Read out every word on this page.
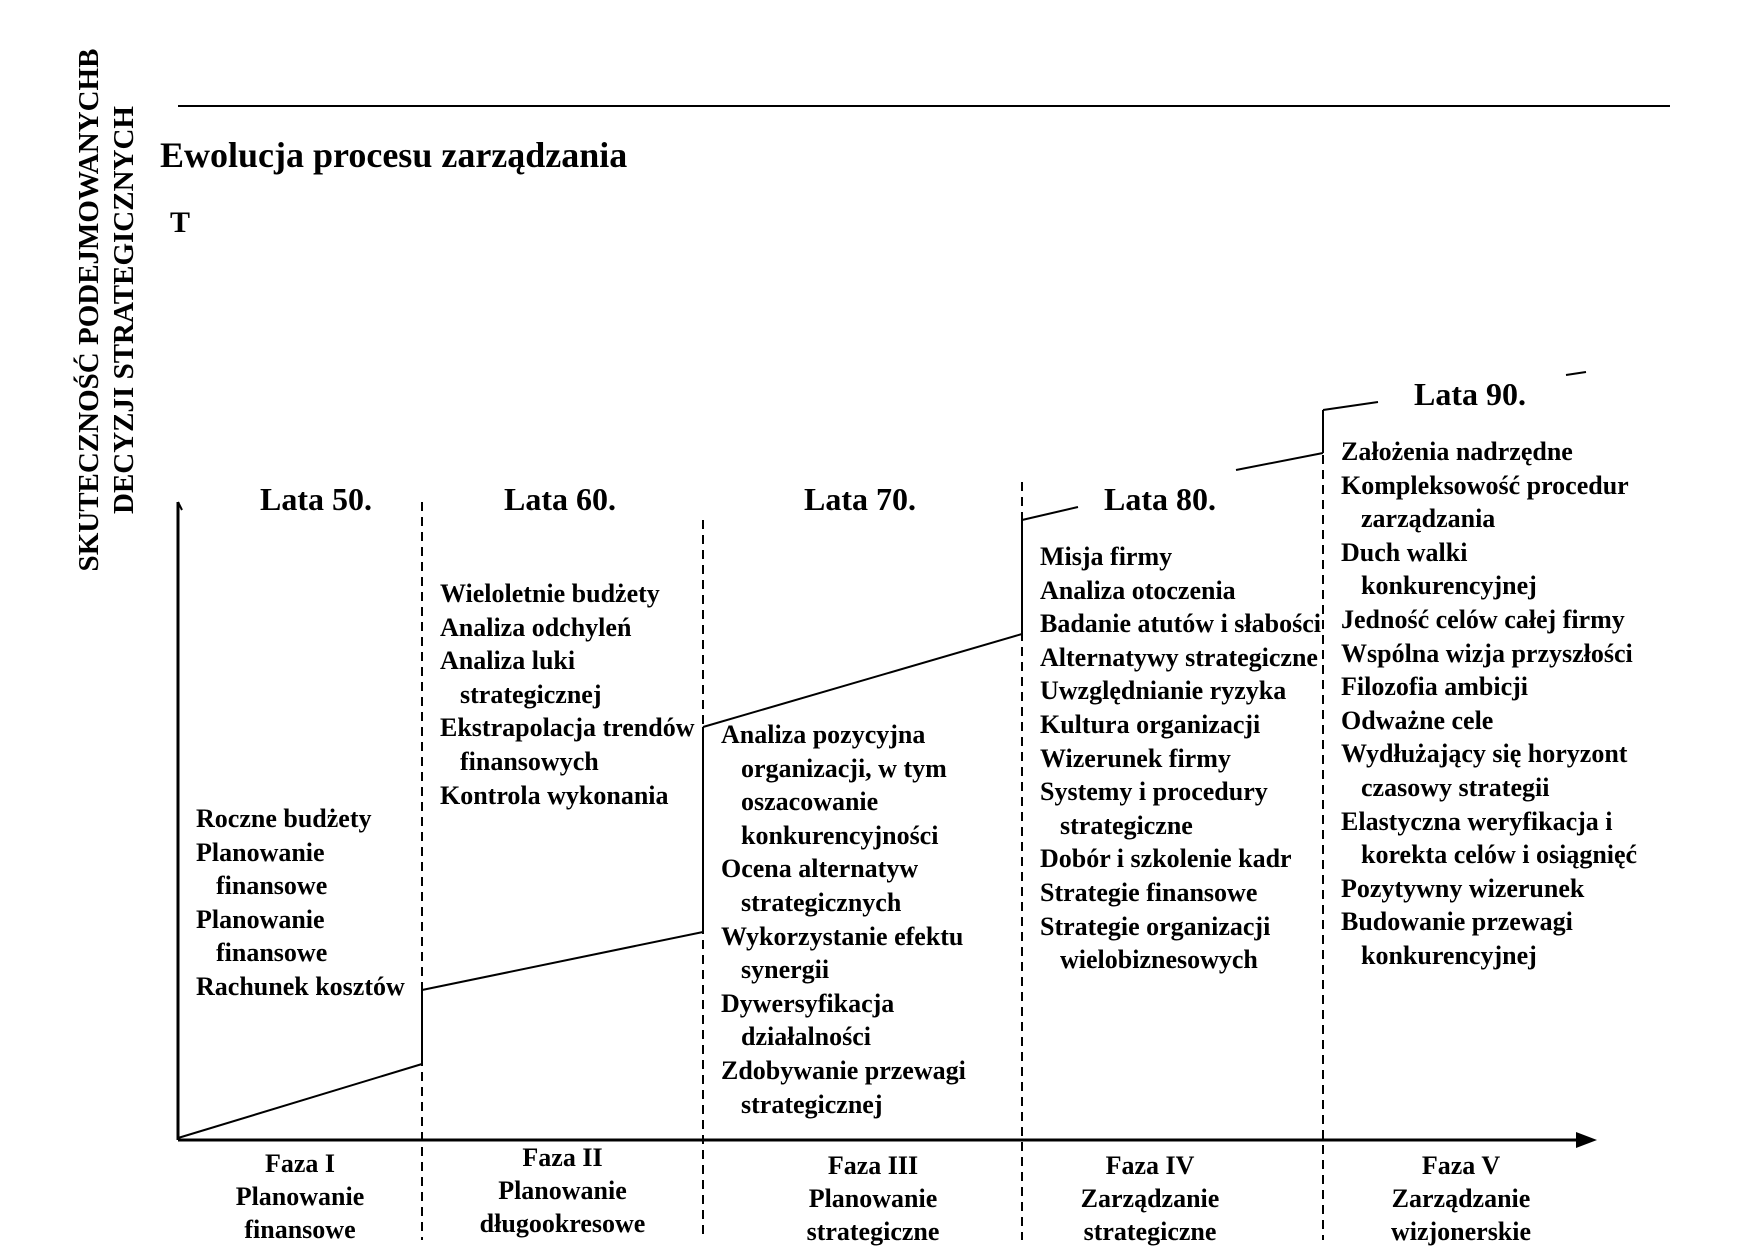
SKUTECZNOŚĆ PODEJMOWANYCHB DECYZJI STRATEGICZNYCH Ewolucja procesu zarządzania
T
Lata 50.	Lata 60.	Lata 70.	Lata 80.
Lata 90.
Roczne budżety
Planowanie finansowe
Planowanie finansowe
Rachunek kosztów
Wieloletnie budżety
Analiza odchyleń
Analiza luki strategicznej
Ekstrapolacja trendów finansowych
Kontrola wykonania
Analiza pozycyjna organizacji, w tym oszacowanie konkurencyjności
Ocena alternatyw strategicznych
Wykorzystanie efektu synergii
Dywersyfikacja działalności
Zdobywanie przewagi strategicznej
Misja firmy
Analiza otoczenia
Badanie atutów i słabości
Alternatywy strategiczne
Uwzględnianie ryzyka
Kultura organizacji
Wizerunek firmy
Systemy i procedury strategiczne
Dobór i szkolenie kadr
Strategie finansowe
Strategie organizacji wielobiznesowych
Założenia nadrzędne
Kompleksowość procedur zarządzania
Duch walki konkurencyjnej
Jedność celów całej firmy
Wspólna wizja przyszłości
Filozofia ambicji
Odważne cele
Wydłużający się horyzont czasowy strategii
Elastyczna weryfikacja i korekta celów i osiągnięć
Pozytywny wizerunek
Budowanie przewagi konkurencyjnej
Faza I
Planowanie
finansowe
Faza II
Planowanie
długookresowe
Faza III
Planowanie
strategiczne
Faza IV
Zarządzanie
strategiczne
Faza V
Zarządzanie
wizjonerskie
